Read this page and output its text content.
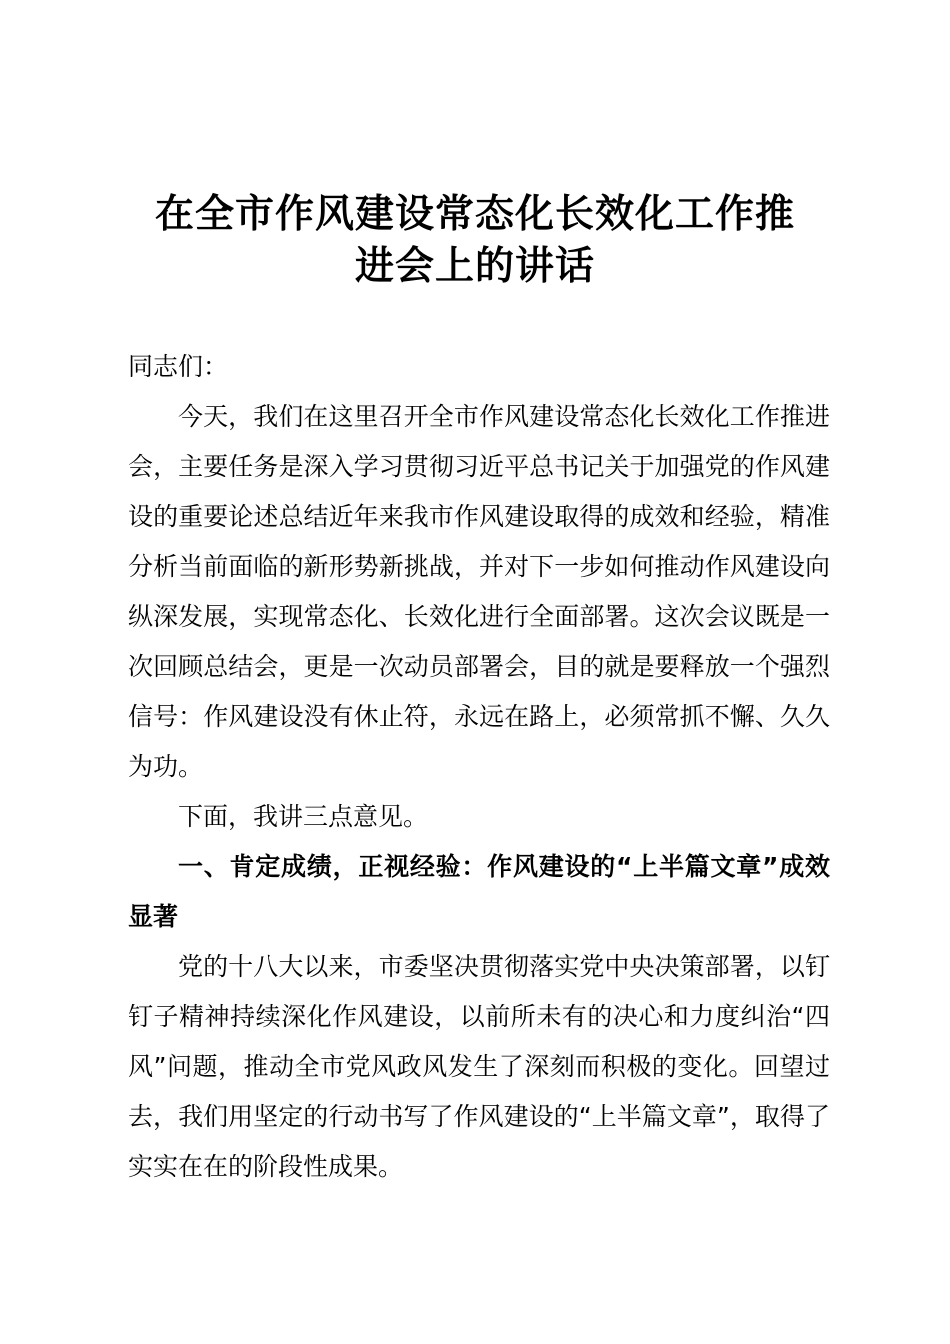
在全市作风建设常态化长效化工作推
进会上的讲话

同志们：

今天，我们在这里召开全市作风建设常态化长效化工作推进会，主要任务是深入学习贯彻习近平总书记关于加强党的作风建设的重要论述总结近年来我市作风建设取得的成效和经验，精准分析当前面临的新形势新挑战，并对下一步如何推动作风建设向纵深发展，实现常态化、长效化进行全面部署。这次会议既是一次回顾总结会，更是一次动员部署会，目的就是要释放一个强烈信号：作风建设没有休止符，永远在路上，必须常抓不懈、久久为功。

下面，我讲三点意见。

一、肯定成绩，正视经验：作风建设的“上半篇文章”成效显著

党的十八大以来，市委坚决贯彻落实党中央决策部署，以钉钉子精神持续深化作风建设，以前所未有的决心和力度纠治“四风”问题，推动全市党风政风发生了深刻而积极的变化。回望过去，我们用坚定的行动书写了作风建设的“上半篇文章”，取得了实实在在的阶段性成果。
